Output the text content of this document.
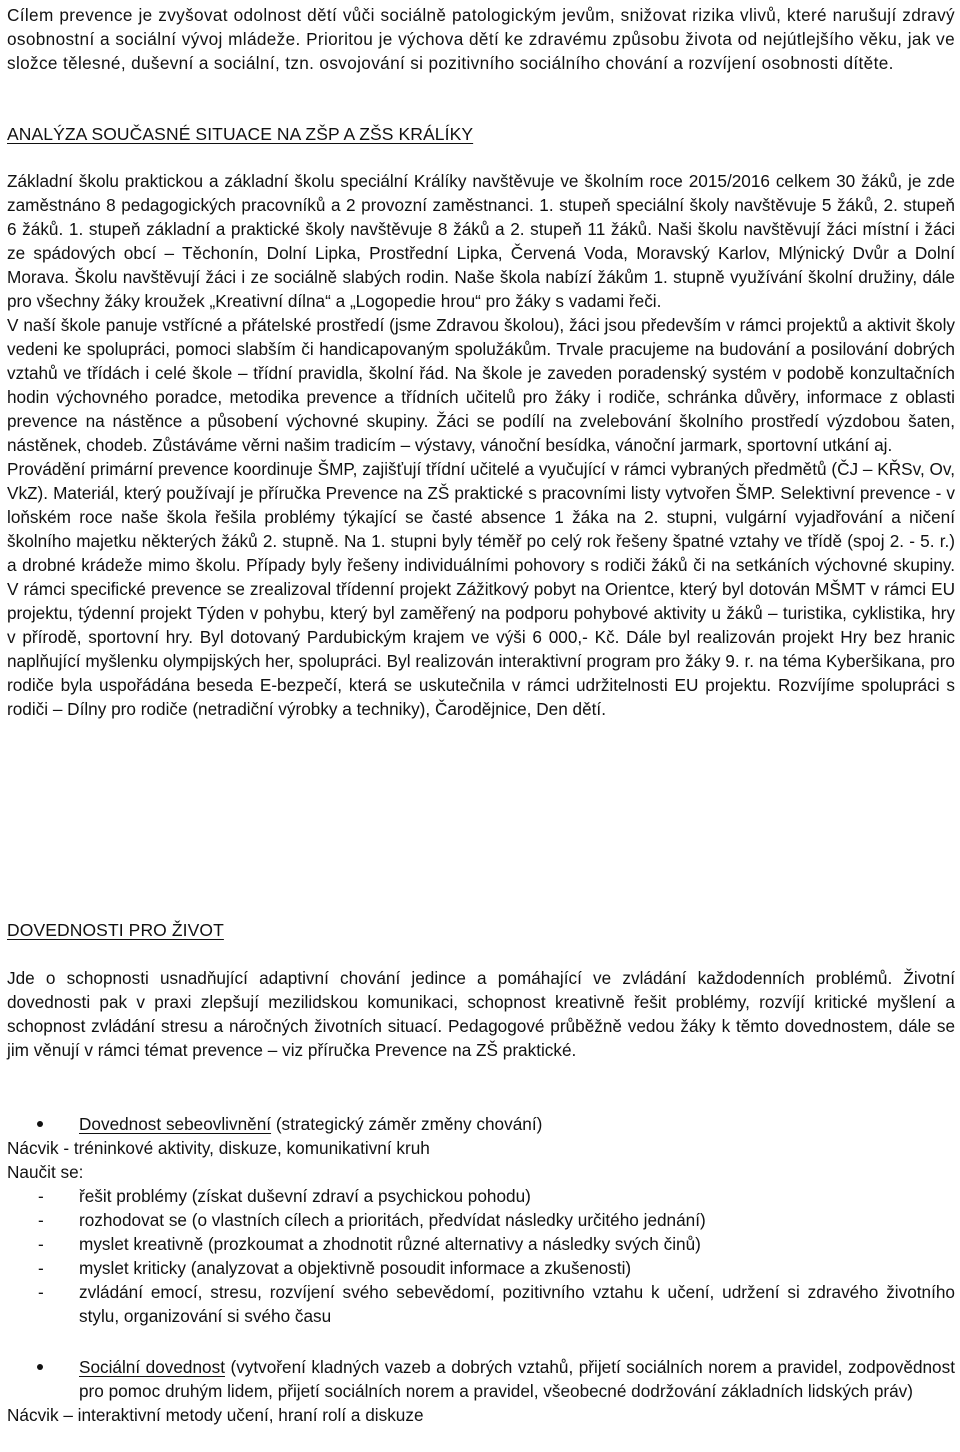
Cílem prevence je zvyšovat odolnost dětí vůči sociálně patologickým jevům, snižovat rizika vlivů, které narušují zdravý osobnostní a sociální vývoj mládeže. Prioritou je výchova dětí ke zdravému způsobu života od nejútlejšího věku, jak ve složce tělesné, duševní a sociální, tzn. osvojování si pozitivního sociálního chování a rozvíjení osobnosti dítěte.

ANALÝZA SOUČASNÉ SITUACE NA ZŠP A ZŠS KRÁLÍKY

Základní školu praktickou a základní školu speciální Králíky navštěvuje ve školním roce 2015/2016 celkem 30 žáků, je zde zaměstnáno 8 pedagogických pracovníků a 2 provozní zaměstnanci. 1. stupeň speciální školy navštěvuje 5 žáků, 2. stupeň 6 žáků. 1. stupeň základní a praktické školy navštěvuje 8 žáků a 2. stupeň 11 žáků. Naši školu navštěvují žáci místní i žáci ze spádových obcí – Těchonín, Dolní Lipka, Prostřední Lipka, Červená Voda, Moravský Karlov, Mlýnický Dvůr a Dolní Morava. Školu navštěvují žáci i ze sociálně slabých rodin. Naše škola nabízí žákům 1. stupně využívání školní družiny, dále pro všechny žáky kroužek „Kreativní dílna“ a „Logopedie hrou“ pro žáky s vadami řeči.

V naší škole panuje vstřícné a přátelské prostředí (jsme Zdravou školou), žáci jsou především v rámci projektů a aktivit školy vedeni ke spolupráci, pomoci slabším či handicapovaným spolužákům. Trvale pracujeme na budování a posilování dobrých vztahů ve třídách i celé škole – třídní pravidla, školní řád. Na škole je zaveden poradenský systém v podobě konzultačních hodin výchovného poradce, metodika prevence a třídních učitelů pro žáky i rodiče, schránka důvěry, informace z oblasti prevence na nástěnce a působení výchovné skupiny. Žáci se podílí na zvelebování školního prostředí výzdobou šaten, nástěnek, chodeb. Zůstáváme věrni našim tradicím – výstavy, vánoční besídka, vánoční jarmark, sportovní utkání aj.

Provádění primární prevence koordinuje ŠMP, zajišťují třídní učitelé a vyučující v rámci vybraných předmětů (ČJ – KŘSv, Ov, VkZ). Materiál, který používají je příručka Prevence na ZŠ praktické s pracovními listy vytvořen ŠMP. Selektivní prevence - v loňském roce naše škola řešila problémy týkající se časté absence 1 žáka na 2. stupni, vulgární vyjadřování a ničení školního majetku některých žáků 2. stupně. Na 1. stupni byly téměř po celý rok řešeny špatné vztahy ve třídě (spoj 2. - 5. r.) a drobné krádeže mimo školu. Případy byly řešeny individuálními pohovory s rodiči žáků či na setkáních výchovné skupiny. V rámci specifické prevence se zrealizoval třídenní projekt Zážitkový pobyt na Orientce, který byl dotován MŠMT v rámci EU projektu, týdenní projekt Týden v pohybu, který byl zaměřený na podporu pohybové aktivity u žáků – turistika, cyklistika, hry v přírodě, sportovní hry. Byl dotovaný Pardubickým krajem ve výši 6 000,- Kč. Dále byl realizován projekt Hry bez hranic naplňující myšlenku olympijských her, spolupráci. Byl realizován interaktivní program pro žáky 9. r. na téma Kyberšikana, pro rodiče byla uspořádána beseda E-bezpečí, která se uskutečnila v rámci udržitelnosti EU projektu. Rozvíjíme spolupráci s rodiči – Dílny pro rodiče (netradiční výrobky a techniky), Čarodějnice, Den dětí.

DOVEDNOSTI PRO ŽIVOT

Jde o schopnosti usnadňující adaptivní chování jedince a pomáhající ve zvládání každodenních problémů. Životní dovednosti pak v praxi zlepšují mezilidskou komunikaci, schopnost kreativně řešit problémy, rozvíjí kritické myšlení a schopnost zvládání stresu a náročných životních situací. Pedagogové průběžně vedou žáky k těmto dovednostem, dále se jim věnují v rámci témat prevence – viz příručka Prevence na ZŠ praktické.

Dovednost sebeovlivnění (strategický záměr změny chování)

Nácvik - tréninkové aktivity, diskuze, komunikativní kruh

Naučit se:

- řešit problémy (získat duševní zdraví a psychickou pohodu)
- rozhodovat se (o vlastních cílech a prioritách, předvídat následky určitého jednání)
- myslet kreativně (prozkoumat a zhodnotit různé alternativy a následky svých činů)
- myslet kriticky (analyzovat a objektivně posoudit informace a zkušenosti)
- zvládání emocí, stresu, rozvíjení svého sebevědomí, pozitivního vztahu k učení, udržení si zdravého životního stylu, organizování si svého času
Sociální dovednost (vytvoření kladných vazeb a dobrých vztahů, přijetí sociálních norem a pravidel, zodpovědnost pro pomoc druhým lidem, přijetí sociálních norem a pravidel, všeobecné dodržování základních lidských práv)

Nácvik – interaktivní metody učení, hraní rolí a diskuze
